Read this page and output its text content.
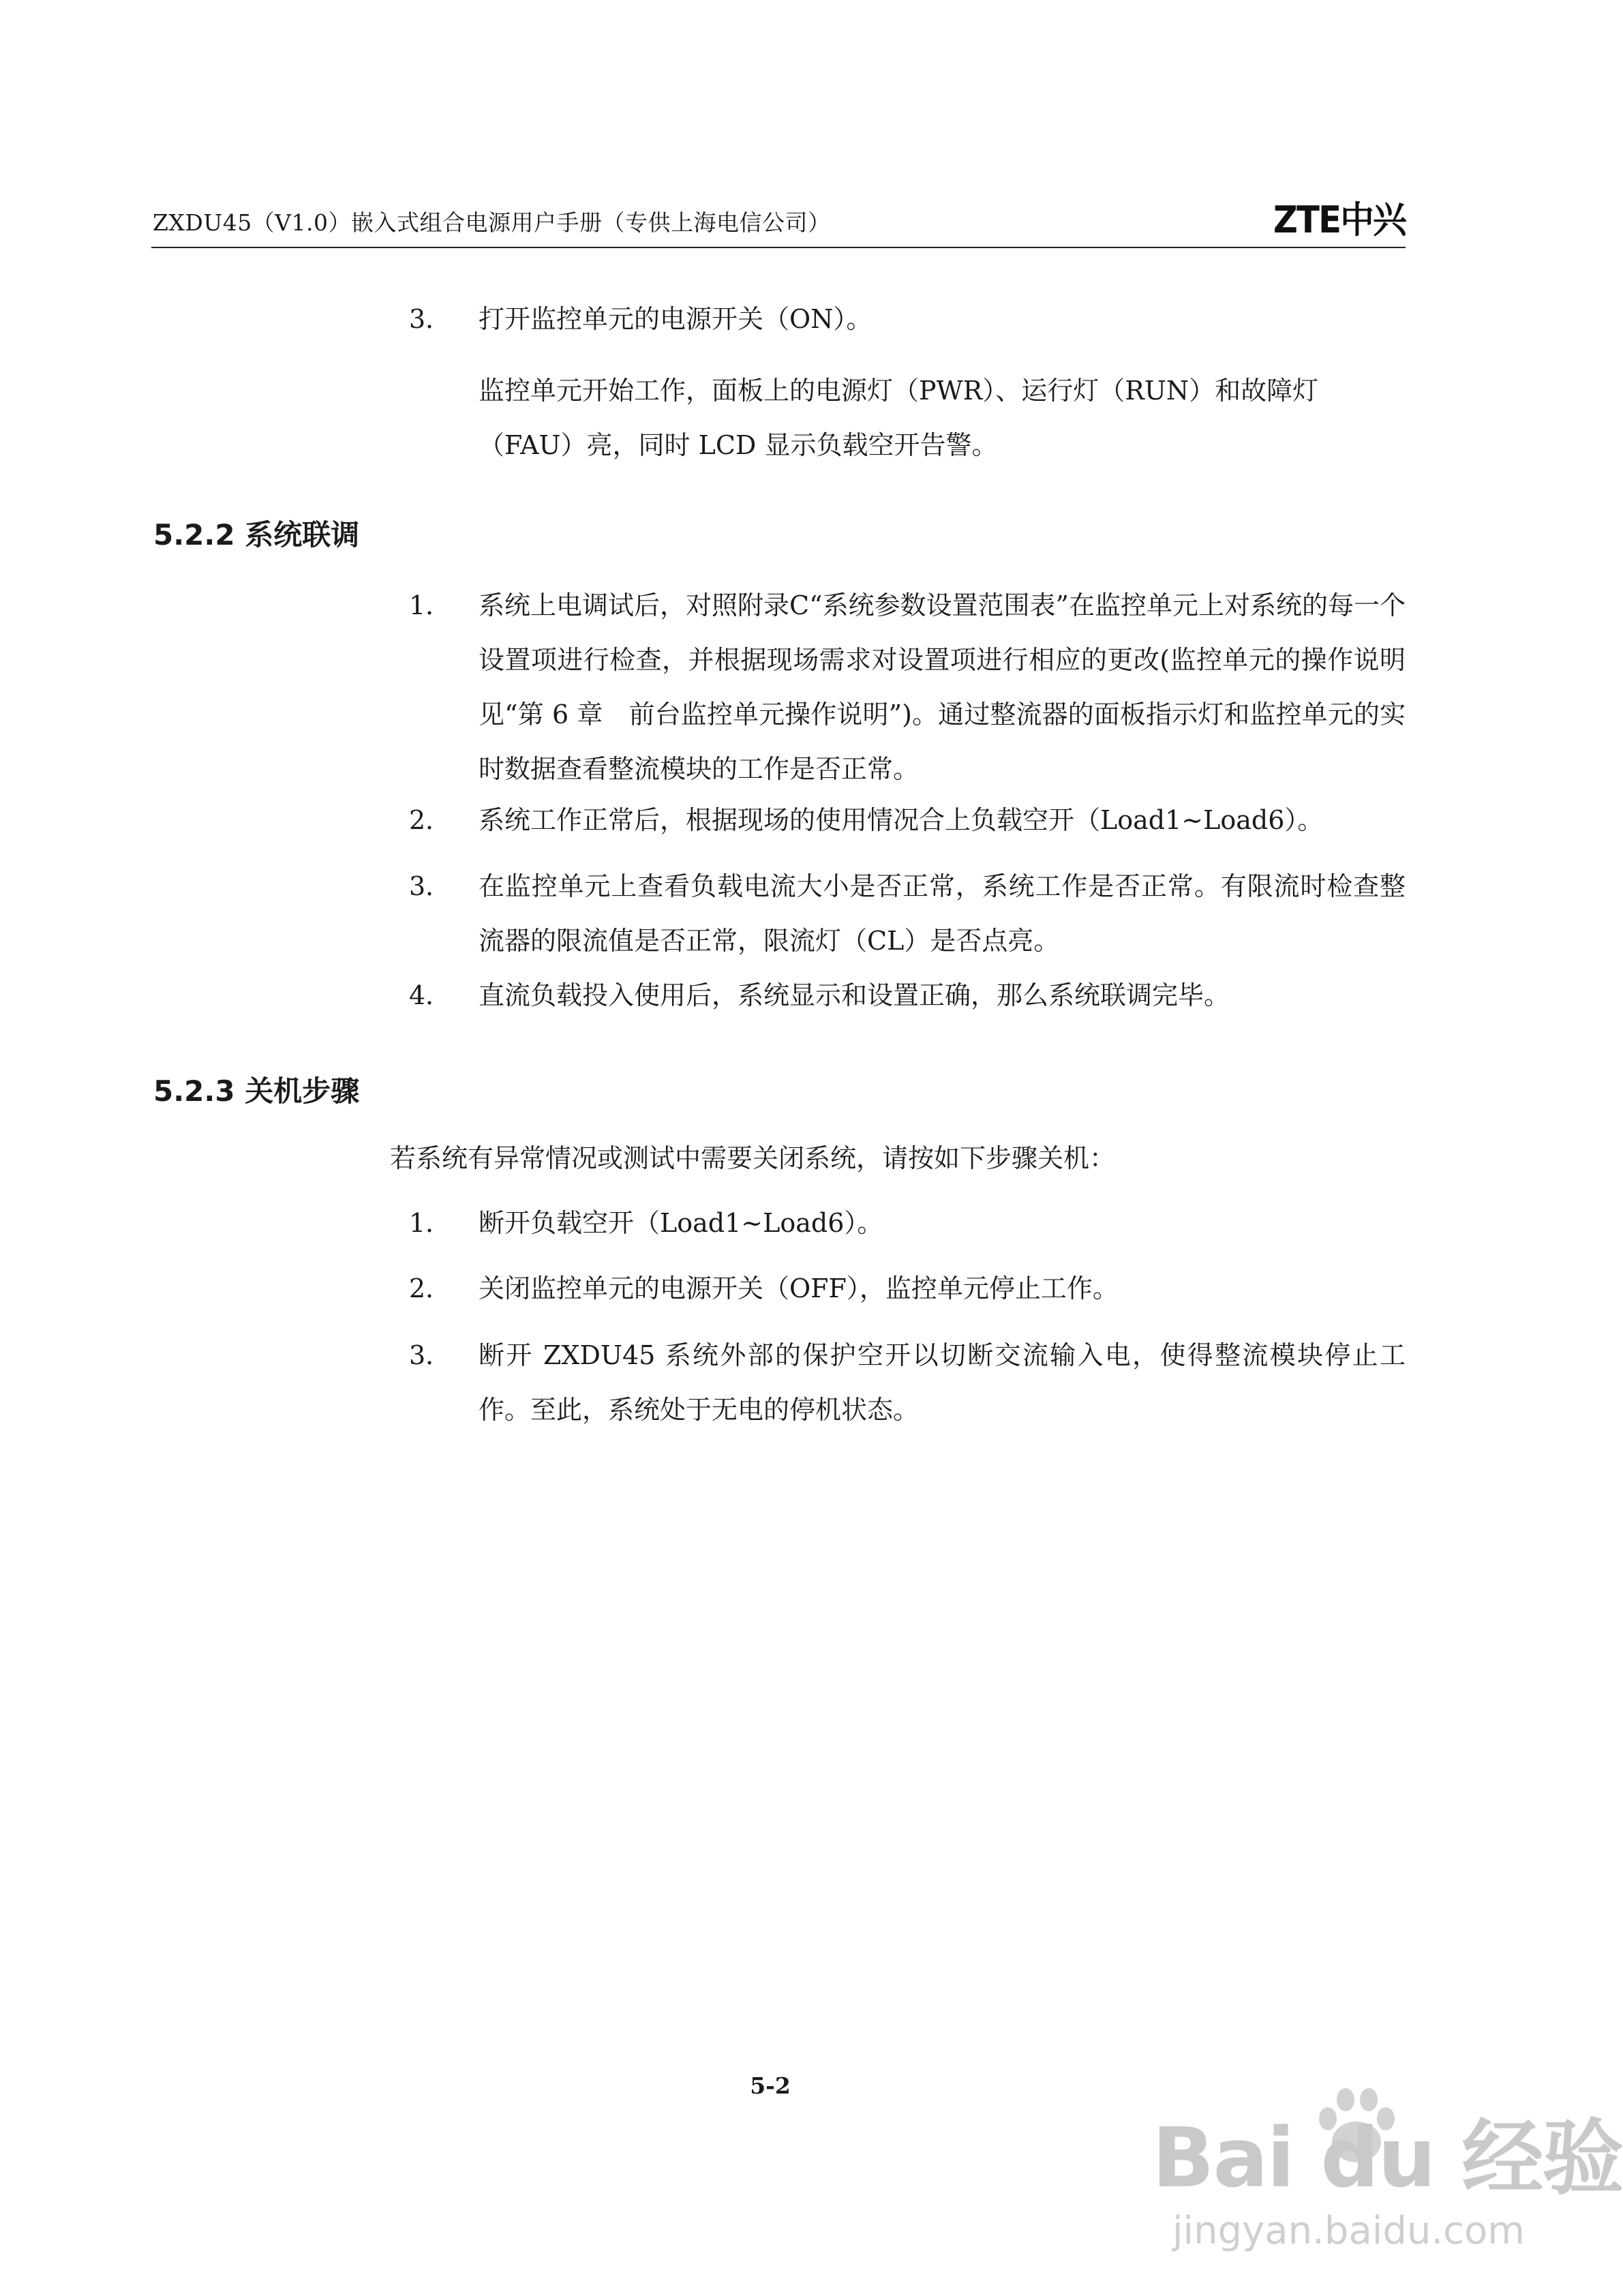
ZXDU45（V1.0）嵌入式组合电源用户手册（专供上海电信公司）	ZTE中兴
3． 打开监控单元的电源开关（ON）。
监控单元开始工作，面板上的电源灯（PWR）、运行灯（RUN）和故障灯
（FAU）亮，同时 LCD 显示负载空开告警。
5.2.2 系统联调
1． 系统上电调试后，对照附录C“系统参数设置范围表”在监控单元上对系统的每一个设置项进行检查，并根据现场需求对设置项进行相应的更改(监控单元的操作说明见“第 6 章　前台监控单元操作说明”)。通过整流器的面板指示灯和监控单元的实时数据查看整流模块的工作是否正常。
2． 系统工作正常后，根据现场的使用情况合上负载空开（Load1~Load6）。
3． 在监控单元上查看负载电流大小是否正常，系统工作是否正常。有限流时检查整流器的限流值是否正常，限流灯（CL）是否点亮。
4． 直流负载投入使用后，系统显示和设置正确，那么系统联调完毕。
5.2.3 关机步骤
若系统有异常情况或测试中需要关闭系统，请按如下步骤关机：
1． 断开负载空开（Load1~Load6）。
2． 关闭监控单元的电源开关（OFF），监控单元停止工作。
3． 断开 ZXDU45 系统外部的保护空开以切断交流输入电，使得整流模块停止工作。至此，系统处于无电的停机状态。
5-2
Bai du 经验
jingyan.baidu.com
